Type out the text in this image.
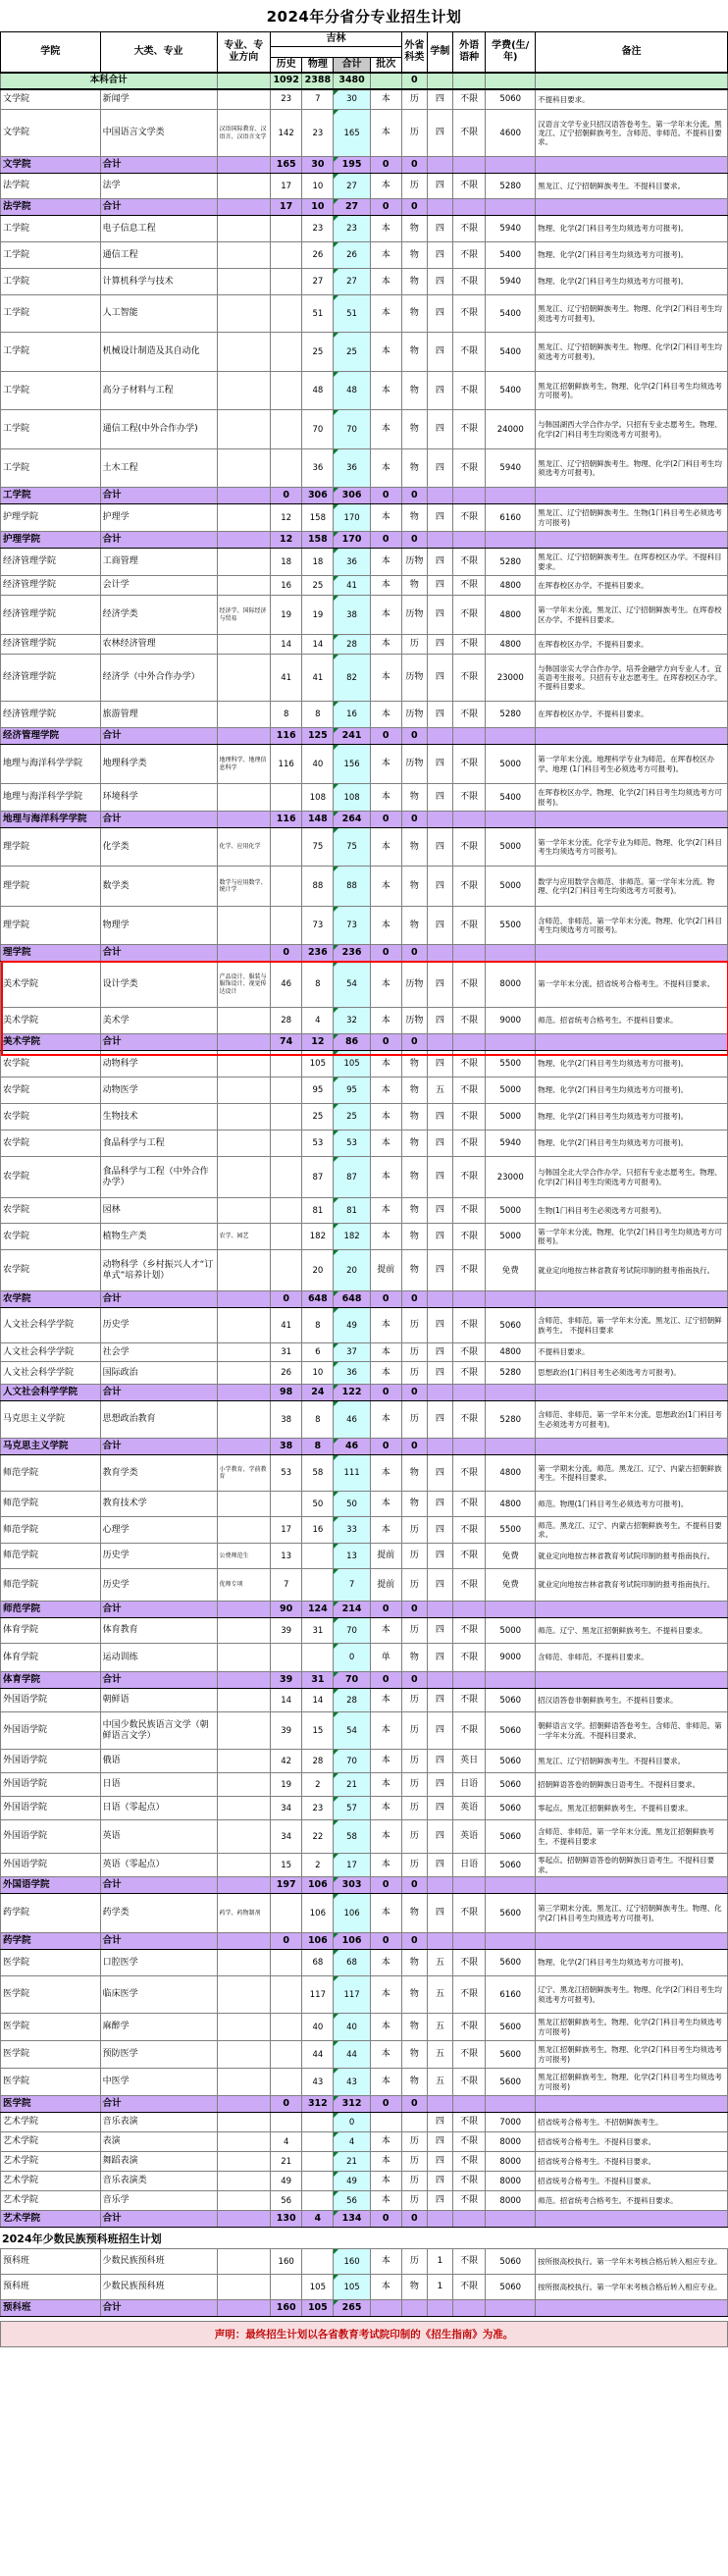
2024年分省分专业招生计划
学院	大类、专业	专业、专业方向	吉林				外省科类	学制	外语语种	学费(生/年)	备注

			历史	物理	合计	批次					
本科合计			1092	2388	3480		0				
文学院	新闻学		23	7	30	本	历	四	不限	5060	不提科目要求。
文学院	中国语言文学类	汉语国际教育、汉语言、汉语言文学	142	23	165	本	历	四	不限	4600	汉语言文学专业只招汉语答卷考生。第一学年末分流。黑龙江、辽宁招朝鲜族考生。含师范、非师范。不提科目要求。
文学院	合计		165	30	195	0	0				
法学院	法学		17	10	27	本	历	四	不限	5280	黑龙江、辽宁招朝鲜族考生。不提科目要求。
法学院	合计		17	10	27	0	0				
工学院	电子信息工程			23	23	本	物	四	不限	5940	物理、化学(2门科目考生均须选考方可报考)。
工学院	通信工程			26	26	本	物	四	不限	5400	物理、化学(2门科目考生均须选考方可报考)。
工学院	计算机科学与技术			27	27	本	物	四	不限	5940	物理、化学(2门科目考生均须选考方可报考)。
工学院	人工智能			51	51	本	物	四	不限	5400	黑龙江、辽宁招朝鲜族考生。物理、化学(2门科目考生均须选考方可报考)。
工学院	机械设计制造及其自动化			25	25	本	物	四	不限	5400	黑龙江、辽宁招朝鲜族考生。物理、化学(2门科目考生均须选考方可报考)。
工学院	高分子材料与工程			48	48	本	物	四	不限	5400	黑龙江招朝鲜族考生。物理、化学(2门科目考生均须选考方可报考)。
工学院	通信工程(中外合作办学)			70	70	本	物	四	不限	24000	与韩国湖西大学合作办学。只招有专业志愿考生。物理、化学(2门科目考生均须选考方可报考)。
工学院	土木工程			36	36	本	物	四	不限	5940	黑龙江、辽宁招朝鲜族考生。物理、化学(2门科目考生均须选考方可报考)。
工学院	合计		0	306	306	0	0				
护理学院	护理学		12	158	170	本	物	四	不限	6160	黑龙江、辽宁招朝鲜族考生。生物(1门科目考生必须选考方可报考)
护理学院	合计		12	158	170	0	0				
经济管理学院	工商管理		18	18	36	本	历物	四	不限	5280	黑龙江、辽宁招朝鲜族考生。在珲春校区办学。不提科目要求。
经济管理学院	会计学		16	25	41	本	物	四	不限	4800	在珲春校区办学。不提科目要求。
经济管理学院	经济学类	经济学、国际经济与贸易	19	19	38	本	历物	四	不限	4800	第一学年末分流。黑龙江、辽宁招朝鲜族考生。在珲春校区办学。不提科目要求。
经济管理学院	农林经济管理		14	14	28	本	历	四	不限	4800	在珲春校区办学。不提科目要求。
经济管理学院	经济学（中外合作办学）		41	41	82	本	历物	四	不限	23000	与韩国崇实大学合作办学。培养金融学方向专业人才。宜英语考生报考。只招有专业志愿考生。在珲春校区办学。不提科目要求。
经济管理学院	旅游管理		8	8	16	本	历物	四	不限	5280	在珲春校区办学。不提科目要求。
经济管理学院	合计		116	125	241	0	0				
地理与海洋科学学院	地理科学类	地理科学、地理信息科学	116	40	156	本	历物	四	不限	5000	第一学年末分流。地理科学专业为师范。在珲春校区办学。地理 (1门科目考生必须选考方可报考)。
地理与海洋科学学院	环境科学			108	108	本	物	四	不限	5400	在珲春校区办学。物理、化学(2门科目考生均须选考方可报考)。
地理与海洋科学学院	合计		116	148	264	0	0				
理学院	化学类	化学、应用化学		75	75	本	物	四	不限	5000	第一学年末分流。化学专业为师范。物理、化学(2门科目考生均须选考方可报考)。
理学院	数学类	数学与应用数学、统计学		88	88	本	物	四	不限	5000	数学与应用数学含师范、非师范。第一学年末分流。物理、化学(2门科目考生均须选考方可报考)。
理学院	物理学			73	73	本	物	四	不限	5500	含师范、非师范。第一学年末分流。物理、化学(2门科目考生均须选考方可报考)。
理学院	合计		0	236	236	0	0				
美术学院	设计学类	产品设计、服装与服饰设计、视觉传达设计	46	8	54	本	历物	四	不限	8000	第一学年末分流。招省统考合格考生。不提科目要求。
美术学院	美术学		28	4	32	本	历物	四	不限	9000	师范。招省统考合格考生。不提科目要求。
美术学院	合计		74	12	86	0	0				
农学院	动物科学			105	105	本	物	四	不限	5500	物理、化学(2门科目考生均须选考方可报考)。
农学院	动物医学			95	95	本	物	五	不限	5000	物理、化学(2门科目考生均须选考方可报考)。
农学院	生物技术			25	25	本	物	四	不限	5000	物理、化学(2门科目考生均须选考方可报考)。
农学院	食品科学与工程			53	53	本	物	四	不限	5940	物理、化学(2门科目考生均须选考方可报考)。
农学院	食品科学与工程（中外合作办学）			87	87	本	物	四	不限	23000	与韩国全北大学合作办学。只招有专业志愿考生。物理、化学(2门科目考生均须选考方可报考)。
农学院	园林			81	81	本	物	四	不限	5000	生物(1门科目考生必须选考方可报考)。
农学院	植物生产类	农学、园艺		182	182	本	物	四	不限	5000	第一学年末分流。物理、化学(2门科目考生均须选考方可报考)。
农学院	动物科学（乡村振兴人才“订单式”培养计划）			20	20	提前	物	四	不限	免费	就业定向地按吉林省教育考试院印制的报考指南执行。
农学院	合计		0	648	648	0	0				
人文社会科学学院	历史学		41	8	49	本	历	四	不限	5060	含师范、非师范。第一学年末分流。黑龙江、辽宁招朝鲜族考生。 不提科目要求
人文社会科学学院	社会学		31	6	37	本	历	四	不限	4800	不提科目要求。
人文社会科学学院	国际政治		26	10	36	本	历	四	不限	5280	思想政治(1门科目考生必须选考方可报考)。
人文社会科学学院	合计		98	24	122	0	0				
马克思主义学院	思想政治教育		38	8	46	本	历	四	不限	5280	含师范、非师范。第一学年末分流。思想政治(1门科目考生必须选考方可报考)。
马克思主义学院	合计		38	8	46	0	0				
师范学院	教育学类	小学教育、学前教育	53	58	111	本	物	四	不限	4800	第一学期末分流。师范。黑龙江、辽宁、内蒙古招朝鲜族考生。不提科目要求。
师范学院	教育技术学			50	50	本	物	四	不限	4800	师范。物理(1门科目考生必须选考方可报考)。
师范学院	心理学		17	16	33	本	历	四	不限	5500	师范。黑龙江、辽宁、内蒙古招朝鲜族考生。不提科目要求。
师范学院	历史学	公费师范生	13		13	提前	历	四	不限	免费	就业定向地按吉林省教育考试院印制的报考指南执行。
师范学院	历史学	优师专项	7		7	提前	历	四	不限	免费	就业定向地按吉林省教育考试院印制的报考指南执行。
师范学院	合计		90	124	214	0	0				
体育学院	体育教育		39	31	70	本	历	四	不限	5000	师范。辽宁、黑龙江招朝鲜族考生。不提科目要求。
体育学院	运动训练				0	单	物	四	不限	9000	含师范、非师范。不提科目要求。
体育学院	合计		39	31	70	0	0				
外国语学院	朝鲜语		14	14	28	本	历	四	不限	5060	招汉语答卷非朝鲜族考生。不提科目要求。
外国语学院	中国少数民族语言文学（朝鲜语言文学）		39	15	54	本	历	四	不限	5060	朝鲜语言文学。招朝鲜语答卷考生。含师范、非师范。第一学年末分流。不提科目要求。
外国语学院	俄语		42	28	70	本	历	四	英日	5060	黑龙江、辽宁招朝鲜族考生。不提科目要求。
外国语学院	日语		19	2	21	本	历	四	日语	5060	招朝鲜语答卷的朝鲜族日语考生。不提科目要求。
外国语学院	日语（零起点）		34	23	57	本	历	四	英语	5060	零起点。黑龙江招朝鲜族考生。不提科目要求。
外国语学院	英语		34	22	58	本	历	四	英语	5060	含师范、非师范。第一学年末分流。黑龙江招朝鲜族考生。不提科目要求
外国语学院	英语（零起点）		15	2	17	本	历	四	日语	5060	零起点。招朝鲜语答卷的朝鲜族日语考生。不提科目要求。
外国语学院	合计		197	106	303	0	0				
药学院	药学类	药学、药物制剂		106	106	本	物	四	不限	5600	第三学期末分流。黑龙江、辽宁招朝鲜族考生。物理、化学(2门科目考生均须选考方可报考)。
药学院	合计		0	106	106	0	0				
医学院	口腔医学			68	68	本	物	五	不限	5600	物理、化学(2门科目考生均须选考方可报考)。
医学院	临床医学			117	117	本	物	五	不限	6160	辽宁、黑龙江招朝鲜族考生。物理、化学(2门科目考生均须选考方可报考)。
医学院	麻醉学			40	40	本	物	五	不限	5600	黑龙江招朝鲜族考生。物理、化学(2门科目考生均须选考方可报考)
医学院	预防医学			44	44	本	物	五	不限	5600	黑龙江招朝鲜族考生。物理、化学(2门科目考生均须选考方可报考)
医学院	中医学			43	43	本	物	五	不限	5600	黑龙江招朝鲜族考生。物理、化学(2门科目考生均须选考方可报考)
医学院	合计		0	312	312	0	0				
艺术学院	音乐表演				0			四	不限	7000	招省统考合格考生。不招朝鲜族考生。
艺术学院	表演		4		4	本	历	四	不限	8000	招省统考合格考生。不提科目要求。
艺术学院	舞蹈表演		21		21	本	历	四	不限	8000	招省统考合格考生。不提科目要求。
艺术学院	音乐表演类		49		49	本	历	四	不限	8000	招省统考合格考生。不提科目要求。
艺术学院	音乐学		56		56	本	历	四	不限	8000	师范。招省统考合格考生。不提科目要求。
艺术学院	合计		130	4	134	0	0				
2024年少数民族预科班招生计划
预科班	少数民族预科班		160		160	本	历	1	不限	5060	按所报高校执行。第一学年末考核合格后转入相应专业。
预科班	少数民族预科班			105	105	本	物	1	不限	5060	按所报高校执行。第一学年末考核合格后转入相应专业。
预科班	合计		160	105	265						
声明：最终招生计划以各省教育考试院印制的《招生指南》为准。
